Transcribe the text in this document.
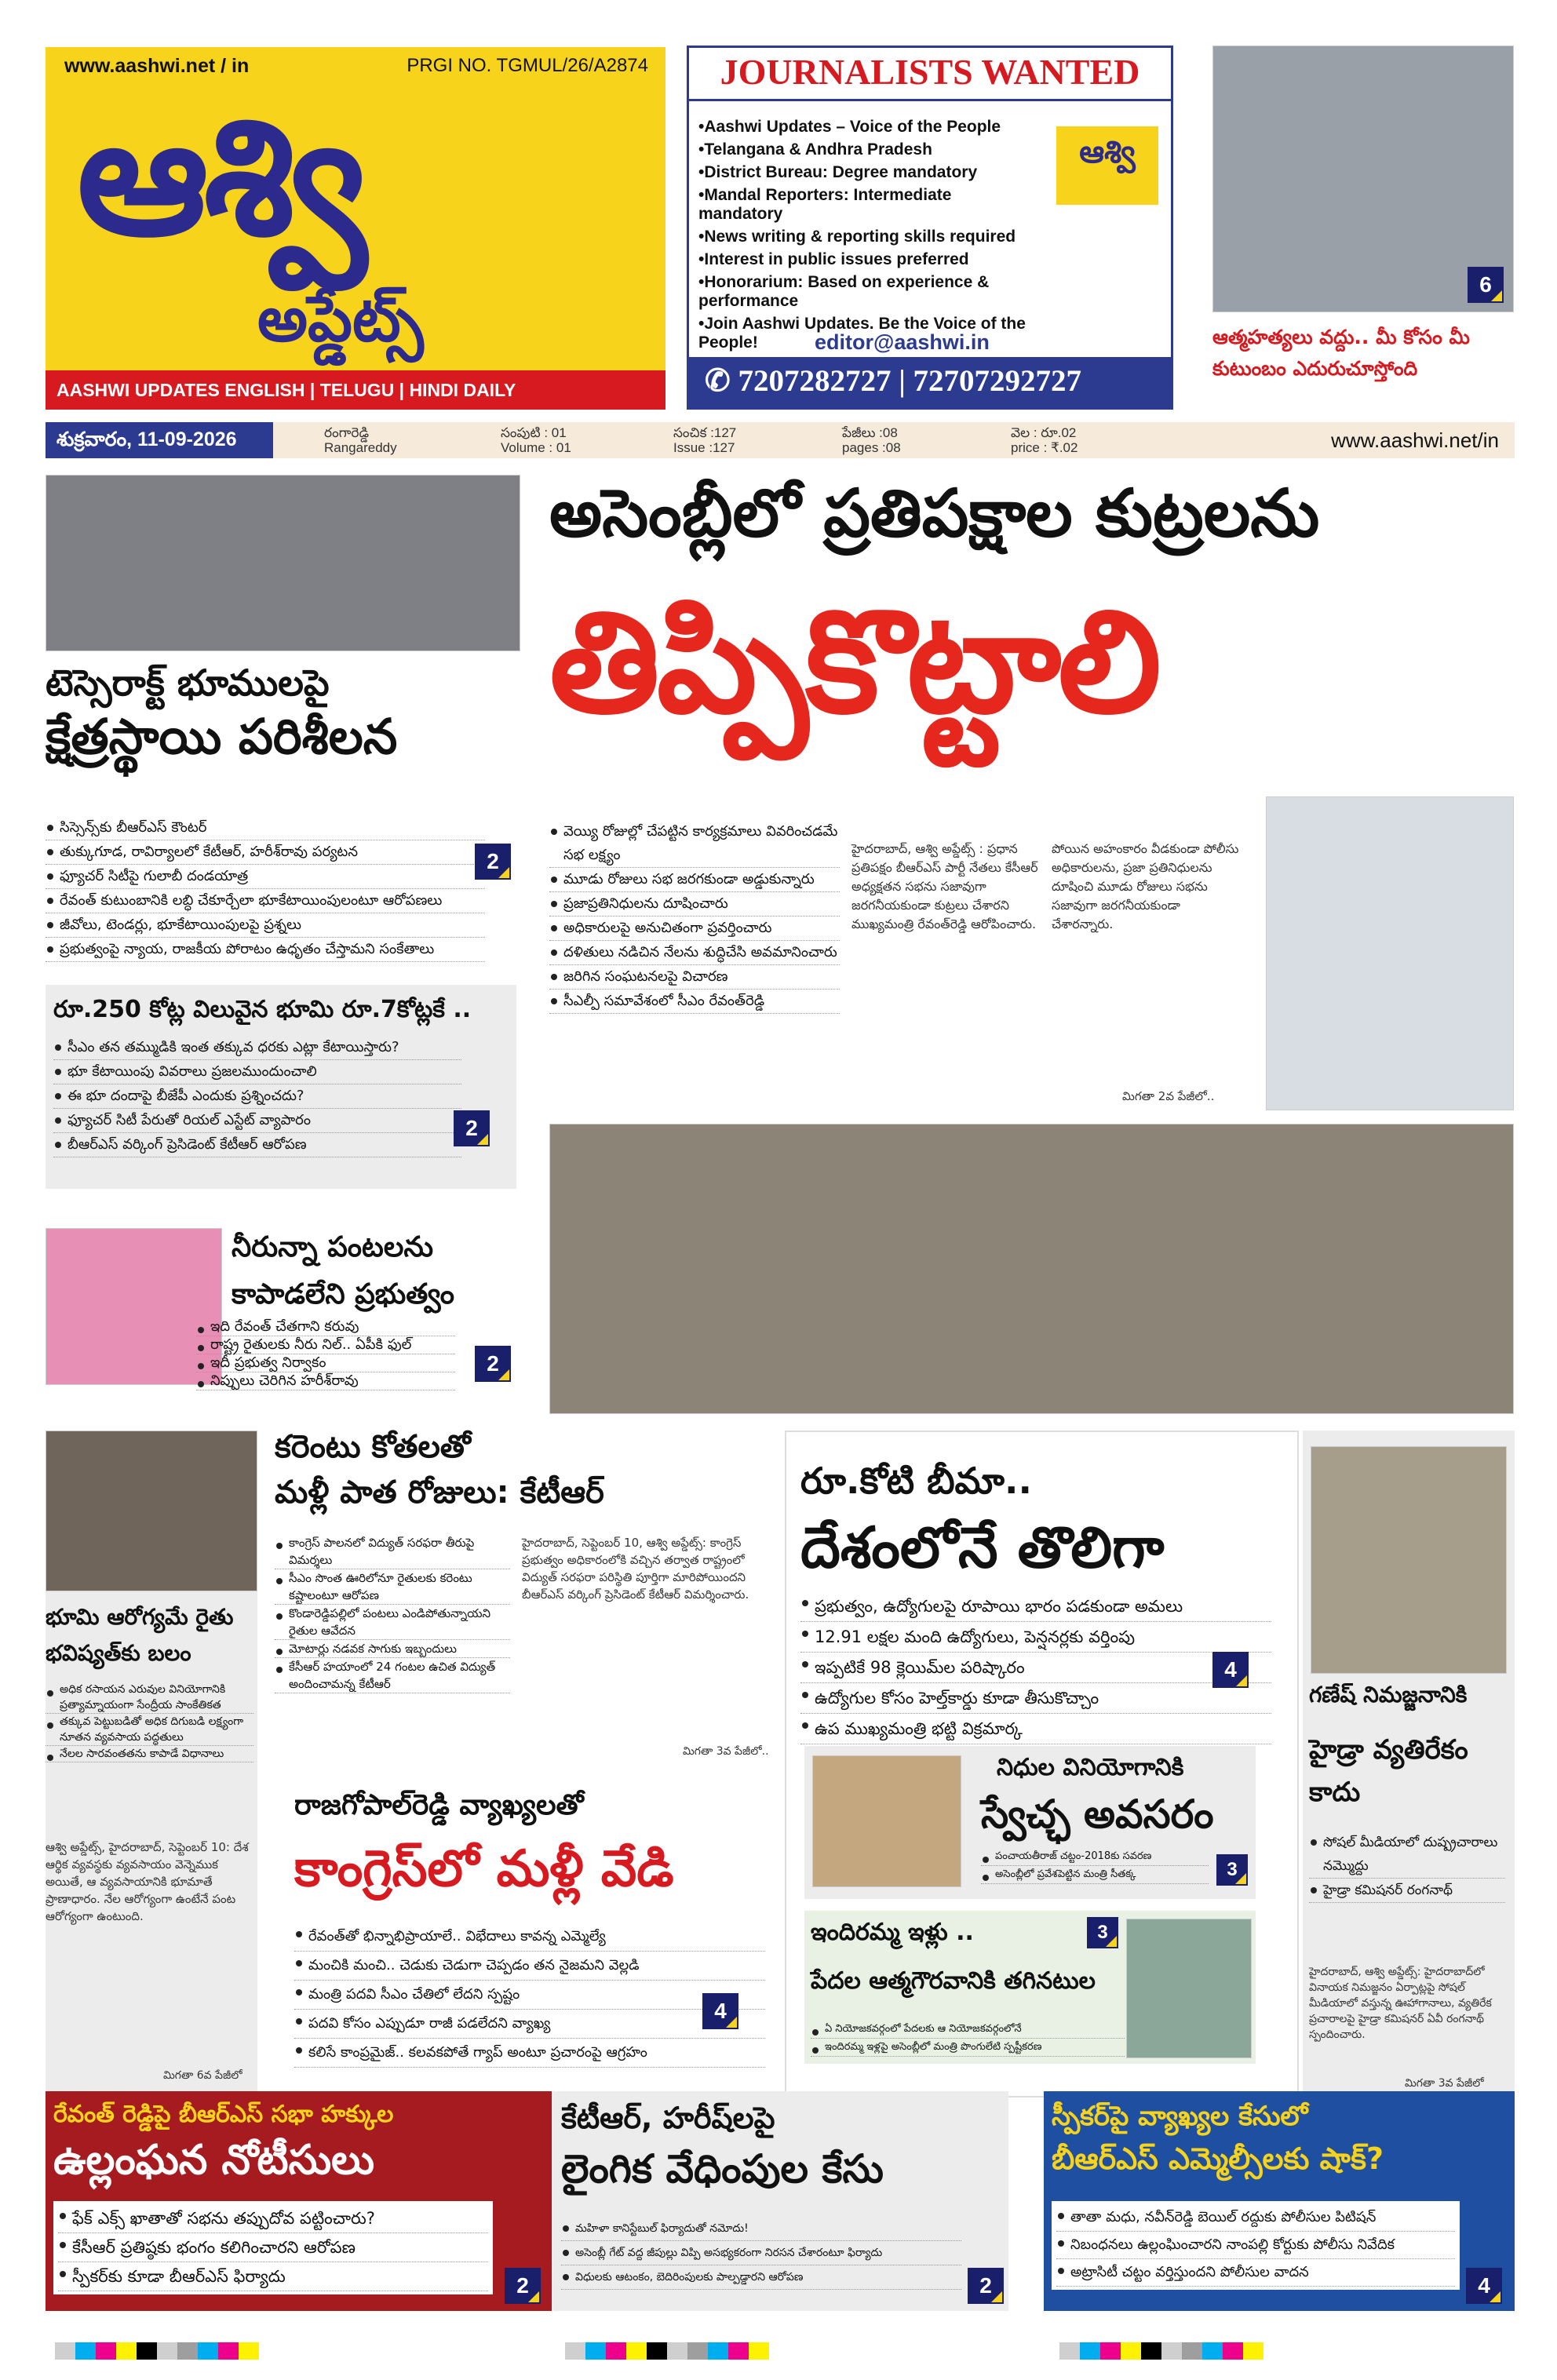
www.aashwi.net / in	PRGI NO. TGMUL/26/A2874
ఆశ్వి
అప్డేట్స్
AASHWI UPDATES ENGLISH | TELUGU | HINDI DAILY
JOURNALISTS WANTED
• Aashwi Updates – Voice of the People
• Telangana & Andhra Pradesh
• District Bureau: Degree mandatory
• Mandal Reporters: Intermediate mandatory
• News writing & reporting skills required
• Interest in public issues preferred
• Honorarium: Based on experience & performance
• Join Aashwi Updates. Be the Voice of the People!
ఆశ్వి
editor@aashwi.in
✆ 7207282727 | 72707292727
6
ఆత్మహత్యలు వద్దు.. మీ కోసం మీ కుటుంబం ఎదురుచూస్తోంది
శుక్రవారం, 11-09-2026	రంగారెడ్డి
Rangareddy
సంపుటి : 01
Volume : 01
సంచిక :127
Issue :127
పేజీలు :08
pages :08
వెల : రూ.02
price : ₹.02	www.aashwi.net/in
అసెంబ్లీలో ప్రతిపక్షాల కుట్రలను
తిప్పికొట్టాలి
వెయ్యి రోజుల్లో చేపట్టిన కార్యక్రమాలు వివరించడమే సభ లక్ష్యం
మూడు రోజులు సభ జరగకుండా అడ్డుకున్నారు
ప్రజాప్రతినిధులను దూషించారు
అధికారులపై అనుచితంగా ప్రవర్తించారు
దళితులు నడిచిన నేలను శుద్ధిచేసి అవమానించారు
జరిగిన సంఘటనలపై విచారణ
సీఎల్పీ సమావేశంలో సీఎం రేవంత్‌రెడ్డి
హైదరాబాద్, ఆశ్వి అప్డేట్స్ : ప్రధాన ప్రతిపక్షం బీఆర్ఎస్ పార్టీ నేతలు కేసీఆర్ అధ్యక్షతన సభను సజావుగా జరగనీయకుండా కుట్రలు చేశారని ముఖ్యమంత్రి రేవంత్‌రెడ్డి ఆరోపించారు.
పోయిన అహంకారం వీడకుండా పోలీసు అధికారులను, ప్రజా ప్రతినిధులను దూషించి మూడు రోజులు సభను సజావుగా జరగనీయకుండా చేశారన్నారు.
మిగతా 2వ పేజీలో..
టెస్సెరాక్ట్ భూములపై
క్షేత్రస్థాయి పరిశీలన
సిస్సెన్స్‌కు బీఆర్ఎస్ కౌంటర్
తుక్కుగూడ, రావిర్యాలలో కేటీఆర్, హరీశ్‌రావు పర్యటన
ఫ్యూచర్ సిటీపై గులాబీ దండయాత్ర
రేవంత్ కుటుంబానికి లబ్ధి చేకూర్చేలా భూకేటాయింపులంటూ ఆరోపణలు
జీవోలు, టెండర్లు, భూకేటాయింపులపై ప్రశ్నలు
ప్రభుత్వంపై న్యాయ, రాజకీయ పోరాటం ఉధృతం చేస్తామని సంకేతాలు
2
రూ.250 కోట్ల విలువైన భూమి రూ.7కోట్లకే ..
సీఎం తన తమ్ముడికి ఇంత తక్కువ ధరకు ఎట్లా కేటాయిస్తారు?
భూ కేటాయింపు వివరాలు ప్రజలముందుంచాలి
ఈ భూ దందాపై బీజేపీ ఎందుకు ప్రశ్నించదు?
ఫ్యూచర్ సిటీ పేరుతో రియల్ ఎస్టేట్ వ్యాపారం
బీఆర్ఎస్ వర్కింగ్ ప్రెసిడెంట్ కేటీఆర్ ఆరోపణ
2
నీరున్నా పంటలను
కాపాడలేని ప్రభుత్వం
ఇది రేవంత్ చేతగాని కరువు
రాష్ట్ర రైతులకు నీరు నిల్.. ఏపీకి ఫుల్
ఇదీ ప్రభుత్వ నిర్వాకం
నిప్పులు చెరిగిన హరీశ్‌రావు
2
భూమి ఆరోగ్యమే రైతు
భవిష్యత్‌కు బలం
అధిక రసాయన ఎరువుల వినియోగానికి ప్రత్యామ్నాయంగా సేంద్రీయ సాంకేతికత
తక్కువ పెట్టుబడితో అధిక దిగుబడి లక్ష్యంగా నూతన వ్యవసాయ పద్ధతులు
నేలల సారవంతతను కాపాడే విధానాలు
ఆశ్వి అప్డేట్స్, హైదరాబాద్, సెప్టెంబర్ 10: దేశ ఆర్థిక వ్యవస్థకు వ్యవసాయం వెన్నెముక అయితే, ఆ వ్యవసాయానికి భూమాతే ప్రాణాధారం. నేల ఆరోగ్యంగా ఉంటేనే పంట ఆరోగ్యంగా ఉంటుంది.
మిగతా 6వ పేజీలో
కరెంటు కోతలతో
మళ్లీ పాత రోజులు: కేటీఆర్
కాంగ్రెస్ పాలనలో విద్యుత్ సరఫరా తీరుపై విమర్శలు
సీఎం సొంత ఊరిలోనూ రైతులకు కరెంటు కష్టాలంటూ ఆరోపణ
కొండారెడ్డిపల్లిలో పంటలు ఎండిపోతున్నాయని రైతుల ఆవేదన
మోటార్లు నడవక సాగుకు ఇబ్బందులు
కేసీఆర్ హయాంలో 24 గంటల ఉచిత విద్యుత్ అందించామన్న కేటీఆర్
హైదరాబాద్, సెప్టెంబర్ 10, ఆశ్వి అప్డేట్స్: కాంగ్రెస్ ప్రభుత్వం అధికారంలోకి వచ్చిన తర్వాత రాష్ట్రంలో విద్యుత్ సరఫరా పరిస్థితి పూర్తిగా మారిపోయిందని బీఆర్ఎస్ వర్కింగ్ ప్రెసిడెంట్ కేటీఆర్ విమర్శించారు.
మిగతా 3వ పేజీలో..
రాజగోపాల్‌రెడ్డి వ్యాఖ్యలతో
కాంగ్రెస్‌లో మళ్లీ వేడి
రేవంత్‌తో భిన్నాభిప్రాయాలే.. విభేదాలు కావన్న ఎమ్మెల్యే
మంచికి మంచి.. చెడుకు చెడుగా చెప్పడం తన నైజమని వెల్లడి
మంత్రి పదవి సీఎం చేతిలో లేదని స్పష్టం
పదవి కోసం ఎప్పుడూ రాజీ పడలేదని వ్యాఖ్య
కలిసే కాంప్రమైజ్.. కలవకపోతే గ్యాప్ అంటూ ప్రచారంపై ఆగ్రహం
4
రూ.కోటి బీమా..
దేశంలోనే తొలిగా
ప్రభుత్వం, ఉద్యోగులపై రూపాయి భారం పడకుండా అమలు
12.91 లక్షల మంది ఉద్యోగులు, పెన్షనర్లకు వర్తింపు
ఇప్పటికే 98 క్లెయిమ్‌ల పరిష్కారం
ఉద్యోగుల కోసం హెల్త్‌కార్డు కూడా తీసుకొచ్చాం
ఉప ముఖ్యమంత్రి భట్టి విక్రమార్క
4
నిధుల వినియోగానికి
స్వేచ్ఛ అవసరం
పంచాయతీరాజ్ చట్టం-2018కు సవరణ
అసెంబ్లీలో ప్రవేశపెట్టిన మంత్రి సీతక్క	3
ఇందిరమ్మ ఇళ్లు ..
పేదల ఆత్మగౌరవానికి తగినటుల
ఏ నియోజకవర్గంలో పేదలకు ఆ నియోజకవర్గంలోనే
ఇందిరమ్మ ఇళ్లపై అసెంబ్లీలో మంత్రి పొంగులేటి స్పష్టీకరణ
3
గణేష్ నిమజ్జనానికి
హైడ్రా వ్యతిరేకం కాదు
సోషల్ మీడియాలో దుష్ప్రచారాలు నమ్మొద్దు
హైడ్రా కమిషనర్ రంగనాథ్
హైదరాబాద్, ఆశ్వి అప్డేట్స్: హైదరాబాద్‌లో వినాయక నిమజ్జనం ఏర్పాట్లపై సోషల్ మీడియాలో వస్తున్న ఊహాగానాలు, వ్యతిరేక ప్రచారాలపై హైడ్రా కమిషనర్ ఏవీ రంగనాథ్ స్పందించారు.
మిగతా 3వ పేజీలో
రేవంత్ రెడ్డిపై బీఆర్ఎస్ సభా హక్కుల
ఉల్లంఘన నోటీసులు
ఫేక్ ఎక్స్ ఖాతాతో సభను తప్పుదోవ పట్టించారు?
కేసీఆర్ ప్రతిష్ఠకు భంగం కలిగించారని ఆరోపణ
స్పీకర్‌కు కూడా బీఆర్ఎస్ ఫిర్యాదు	2
కేటీఆర్, హరీష్‌లపై
లైంగిక వేధింపుల కేసు
మహిళా కానిస్టేబుల్ ఫిర్యాదుతో నమోదు!
అసెంబ్లీ గేట్ వద్ద జీపుల్లు విప్పి అసభ్యకరంగా నిరసన చేశారంటూ ఫిర్యాదు
విధులకు ఆటంకం, బెదిరింపులకు పాల్పడ్డారని ఆరోపణ	2
స్పీకర్‌పై వ్యాఖ్యల కేసులో
బీఆర్ఎస్ ఎమ్మెల్సీలకు షాక్?
తాతా మధు, నవీన్‌రెడ్డి బెయిల్ రద్దుకు పోలీసుల పిటిషన్
నిబంధనలు ఉల్లంఘించారని నాంపల్లి కోర్టుకు పోలీసు నివేదిక
అట్రాసిటీ చట్టం వర్తిస్తుందని పోలీసుల వాదన
4
